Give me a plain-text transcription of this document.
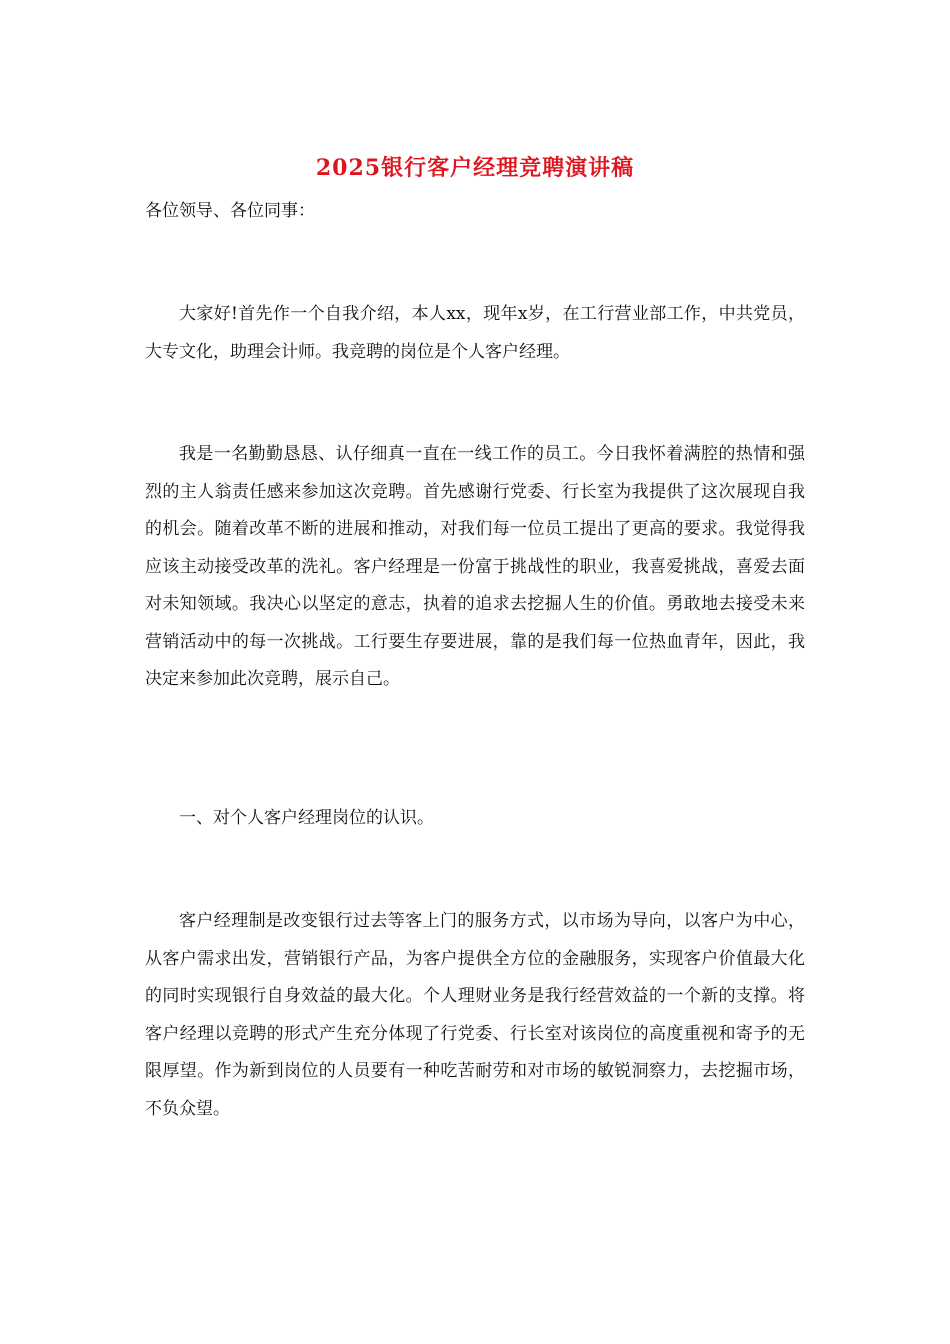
2025银行客户经理竞聘演讲稿
各位领导、各位同事：

大家好!首先作一个自我介绍，本人xx，现年x岁，在工行营业部工作，中共党员，大专文化，助理会计师。我竞聘的岗位是个人客户经理。

我是一名勤勤恳恳、认仔细真一直在一线工作的员工。今日我怀着满腔的热情和强烈的主人翁责任感来参加这次竞聘。首先感谢行党委、行长室为我提供了这次展现自我的机会。随着改革不断的进展和推动，对我们每一位员工提出了更高的要求。我觉得我应该主动接受改革的洗礼。客户经理是一份富于挑战性的职业，我喜爱挑战，喜爱去面对未知领域。我决心以坚定的意志，执着的追求去挖掘人生的价值。勇敢地去接受未来营销活动中的每一次挑战。工行要生存要进展，靠的是我们每一位热血青年，因此，我决定来参加此次竞聘，展示自己。

一、对个人客户经理岗位的认识。

客户经理制是改变银行过去等客上门的服务方式，以市场为导向，以客户为中心，从客户需求出发，营销银行产品，为客户提供全方位的金融服务，实现客户价值最大化的同时实现银行自身效益的最大化。个人理财业务是我行经营效益的一个新的支撑。将客户经理以竞聘的形式产生充分体现了行党委、行长室对该岗位的高度重视和寄予的无限厚望。作为新到岗位的人员要有一种吃苦耐劳和对市场的敏锐洞察力，去挖掘市场，不负众望。
